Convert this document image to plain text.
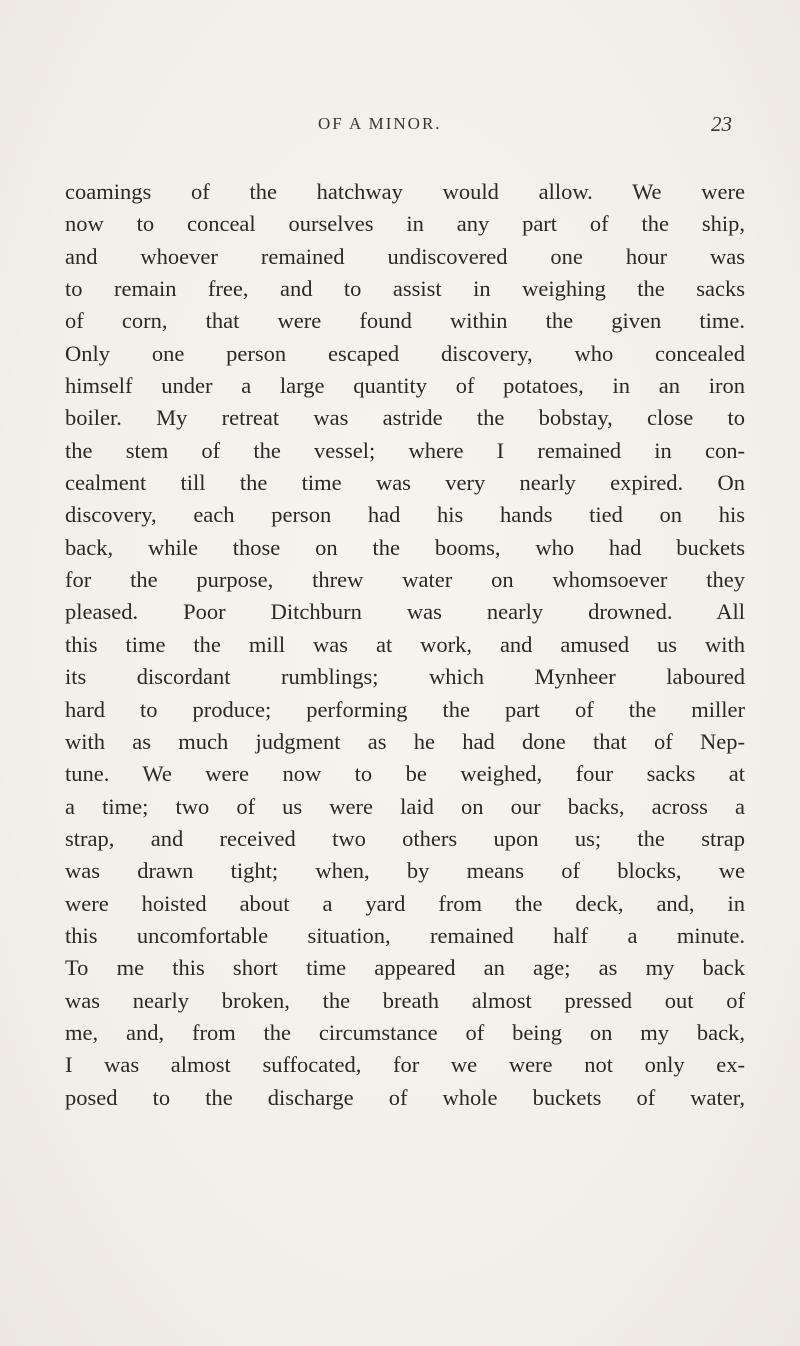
OF A MINOR.	23
coamings of the hatchway would allow. We were
now to conceal ourselves in any part of the ship,
and whoever remained undiscovered one hour was
to remain free, and to assist in weighing the sacks
of corn, that were found within the given time.
Only one person escaped discovery, who concealed
himself under a large quantity of potatoes, in an iron
boiler. My retreat was astride the bobstay, close to
the stem of the vessel; where I remained in con-
cealment till the time was very nearly expired. On
discovery, each person had his hands tied on his
back, while those on the booms, who had buckets
for the purpose, threw water on whomsoever they
pleased. Poor Ditchburn was nearly drowned. All
this time the mill was at work, and amused us with
its discordant rumblings; which Mynheer laboured
hard to produce; performing the part of the miller
with as much judgment as he had done that of Nep-
tune. We were now to be weighed, four sacks at
a time; two of us were laid on our backs, across a
strap, and received two others upon us; the strap
was drawn tight; when, by means of blocks, we
were hoisted about a yard from the deck, and, in
this uncomfortable situation, remained half a minute.
To me this short time appeared an age; as my back
was nearly broken, the breath almost pressed out of
me, and, from the circumstance of being on my back,
I was almost suffocated, for we were not only ex-
posed to the discharge of whole buckets of water,
